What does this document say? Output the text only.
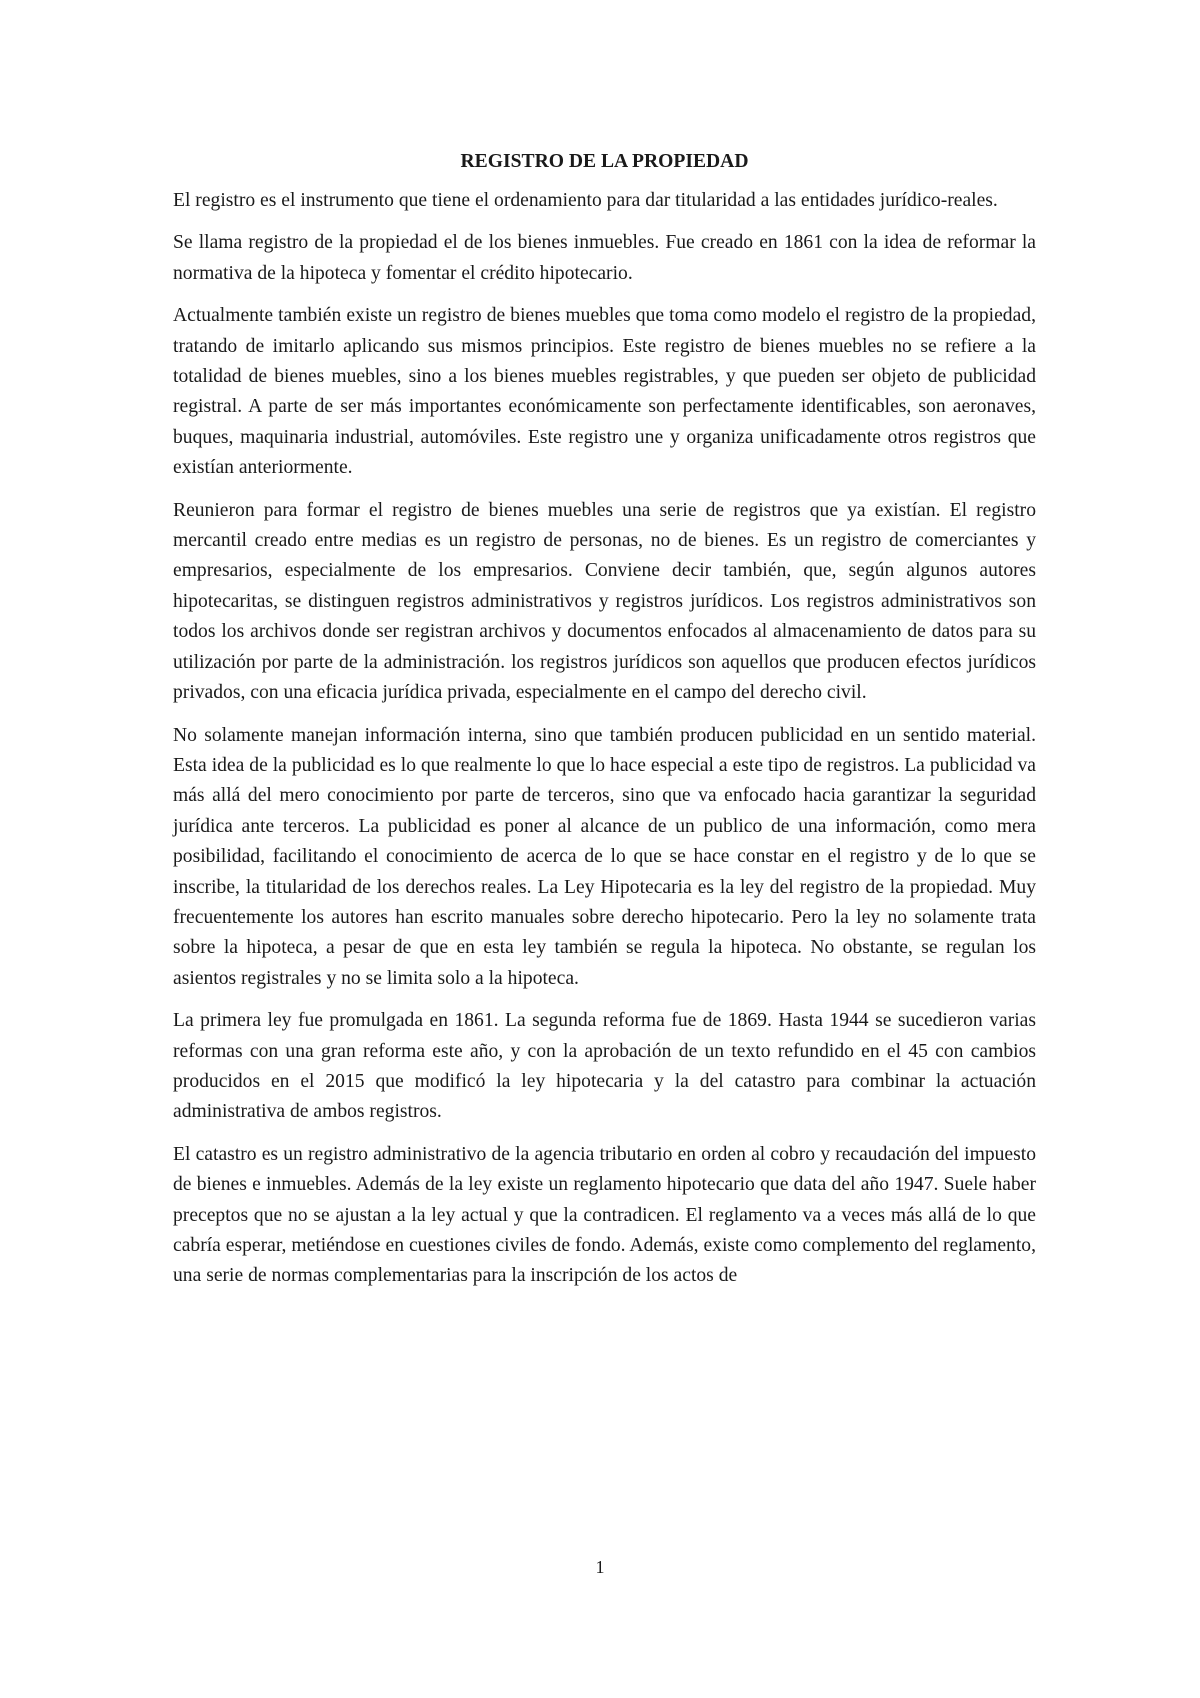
REGISTRO DE LA PROPIEDAD

El registro es el instrumento que tiene el ordenamiento para dar titularidad a las entidades jurídico-reales.

Se llama registro de la propiedad el de los bienes inmuebles. Fue creado en 1861 con la idea de reformar la normativa de la hipoteca y fomentar el crédito hipotecario.

Actualmente también existe un registro de bienes muebles que toma como modelo el registro de la propiedad, tratando de imitarlo aplicando sus mismos principios. Este registro de bienes muebles no se refiere a la totalidad de bienes muebles, sino a los bienes muebles registrables, y que pueden ser objeto de publicidad registral. A parte de ser más importantes económicamente son perfectamente identificables, son aeronaves, buques, maquinaria industrial, automóviles. Este registro une y organiza unificadamente otros registros que existían anteriormente.

Reunieron para formar el registro de bienes muebles una serie de registros que ya existían. El registro mercantil creado entre medias es un registro de personas, no de bienes. Es un registro de comerciantes y empresarios, especialmente de los empresarios. Conviene decir también, que, según algunos autores hipotecaritas, se distinguen registros administrativos y registros jurídicos. Los registros administrativos son todos los archivos donde ser registran archivos y documentos enfocados al almacenamiento de datos para su utilización por parte de la administración. los registros jurídicos son aquellos que producen efectos jurídicos privados, con una eficacia jurídica privada, especialmente en el campo del derecho civil.

No solamente manejan información interna, sino que también producen publicidad en un sentido material. Esta idea de la publicidad es lo que realmente lo que lo hace especial a este tipo de registros. La publicidad va más allá del mero conocimiento por parte de terceros, sino que va enfocado hacia garantizar la seguridad jurídica ante terceros. La publicidad es poner al alcance de un publico de una información, como mera posibilidad, facilitando el conocimiento de acerca de lo que se hace constar en el registro y de lo que se inscribe, la titularidad de los derechos reales. La Ley Hipotecaria es la ley del registro de la propiedad. Muy frecuentemente los autores han escrito manuales sobre derecho hipotecario. Pero la ley no solamente trata sobre la hipoteca, a pesar de que en esta ley también se regula la hipoteca. No obstante, se regulan los asientos registrales y no se limita solo a la hipoteca.

La primera ley fue promulgada en 1861. La segunda reforma fue de 1869. Hasta 1944 se sucedieron varias reformas con una gran reforma este año, y con la aprobación de un texto refundido en el 45 con cambios producidos en el 2015 que modificó la ley hipotecaria y la del catastro para combinar la actuación administrativa de ambos registros.

El catastro es un registro administrativo de la agencia tributario en orden al cobro y recaudación del impuesto de bienes e inmuebles. Además de la ley existe un reglamento hipotecario que data del año 1947. Suele haber preceptos que no se ajustan a la ley actual y que la contradicen. El reglamento va a veces más allá de lo que cabría esperar, metiéndose en cuestiones civiles de fondo. Además, existe como complemento del reglamento, una serie de normas complementarias para la inscripción de los actos de

1
